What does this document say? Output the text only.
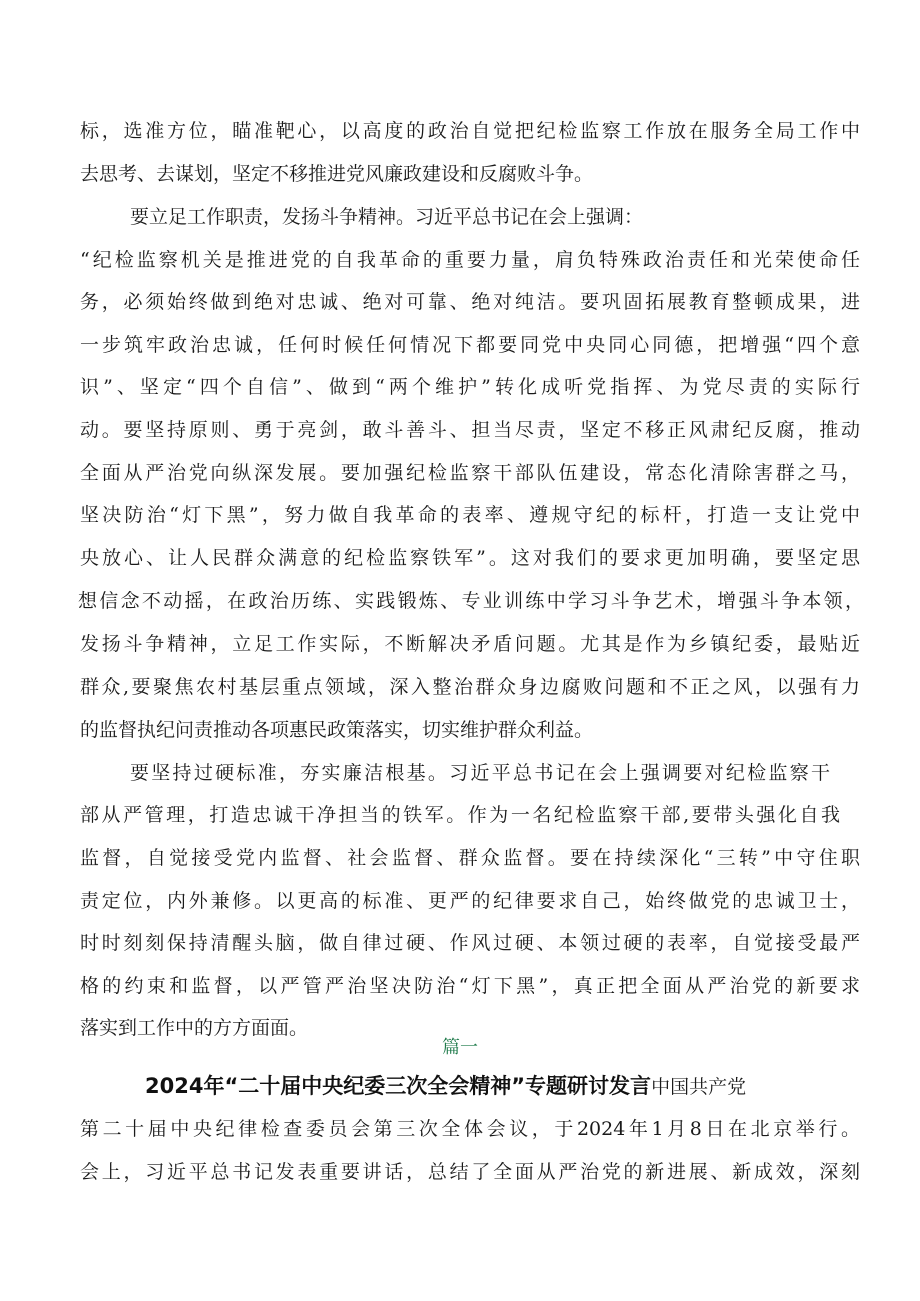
标，选准方位，瞄准靶心，以高度的政治自觉把纪检监察工作放在服务全局工作中
去思考、去谋划，坚定不移推进党风廉政建设和反腐败斗争。
要立足工作职责，发扬斗争精神。习近平总书记在会上强调：
“纪检监察机关是推进党的自我革命的重要力量，肩负特殊政治责任和光荣使命任
务，必须始终做到绝对忠诚、绝对可靠、绝对纯洁。要巩固拓展教育整顿成果，进
一步筑牢政治忠诚，任何时候任何情况下都要同党中央同心同德，把增强“四个意
识”、坚定“四个自信”、做到“两个维护”转化成听党指挥、为党尽责的实际行
动。要坚持原则、勇于亮剑，敢斗善斗、担当尽责，坚定不移正风肃纪反腐，推动
全面从严治党向纵深发展。要加强纪检监察干部队伍建设，常态化清除害群之马，
坚决防治“灯下黑”，努力做自我革命的表率、遵规守纪的标杆，打造一支让党中
央放心、让人民群众满意的纪检监察铁军”。这对我们的要求更加明确，要坚定思
想信念不动摇，在政治历练、实践锻炼、专业训练中学习斗争艺术，增强斗争本领，
发扬斗争精神，立足工作实际，不断解决矛盾问题。尤其是作为乡镇纪委，最贴近
群众,要聚焦农村基层重点领域，深入整治群众身边腐败问题和不正之风，以强有力
的监督执纪问责推动各项惠民政策落实，切实维护群众利益。
要坚持过硬标准，夯实廉洁根基。习近平总书记在会上强调要对纪检监察干
部从严管理，打造忠诚干净担当的铁军。作为一名纪检监察干部,要带头强化自我
监督，自觉接受党内监督、社会监督、群众监督。要在持续深化“三转”中守住职
责定位，内外兼修。以更高的标准、更严的纪律要求自己，始终做党的忠诚卫士，
时时刻刻保持清醒头脑，做自律过硬、作风过硬、本领过硬的表率，自觉接受最严
格的约束和监督，以严管严治坚决防治“灯下黑”，真正把全面从严治党的新要求
落实到工作中的方方面面。
篇一
2024年“二十届中央纪委三次全会精神”专题研讨发言中国共产党
第二十届中央纪律检查委员会第三次全体会议，于2024年1月8日在北京举行。
会上，习近平总书记发表重要讲话，总结了全面从严治党的新进展、新成效，深刻
